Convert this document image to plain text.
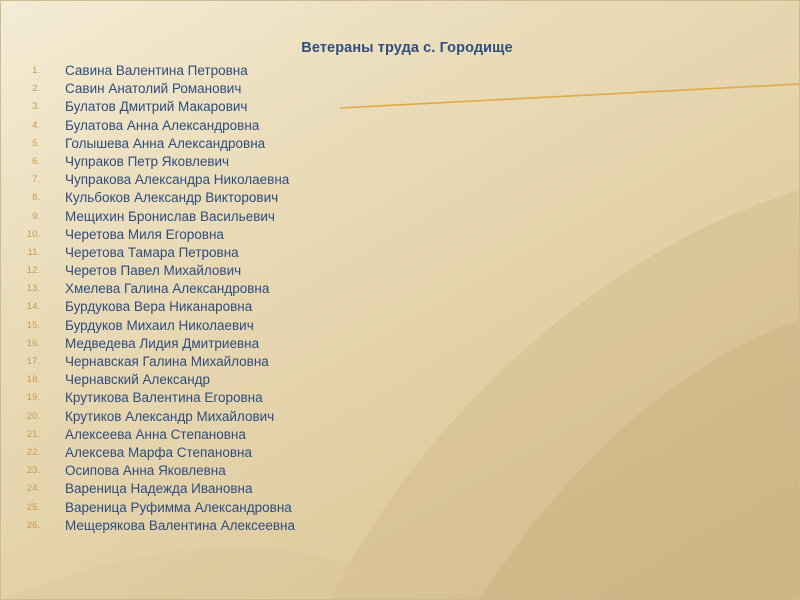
Ветераны труда с. Городище
1. Савина Валентина Петровна
2. Савин Анатолий Романович
3. Булатов Дмитрий Макарович
4. Булатова Анна Александровна
5. Голышева Анна Александровна
6. Чупраков Петр Яковлевич
7. Чупракова Александра Николаевна
8. Кульбоков Александр Викторович
9. Мещихин Бронислав Васильевич
10. Черетова Миля Егоровна
11. Черетова Тамара Петровна
12. Черетов Павел Михайлович
13. Хмелева Галина Александровна
14. Бурдукова Вера Никанаровна
15. Бурдуков Михаил Николаевич
16. Медведева Лидия Дмитриевна
17. Чернавская Галина Михайловна
18. Чернавский Александр
19. Крутикова Валентина Егоровна
20. Крутиков Александр Михайлович
21. Алексеева Анна Степановна
22. Алексева Марфа Степановна
23. Осипова Анна Яковлевна
24. Вареница Надежда Ивановна
25. Вареница Руфимма Александровна
26. Мещерякова Валентина Алексеевна
